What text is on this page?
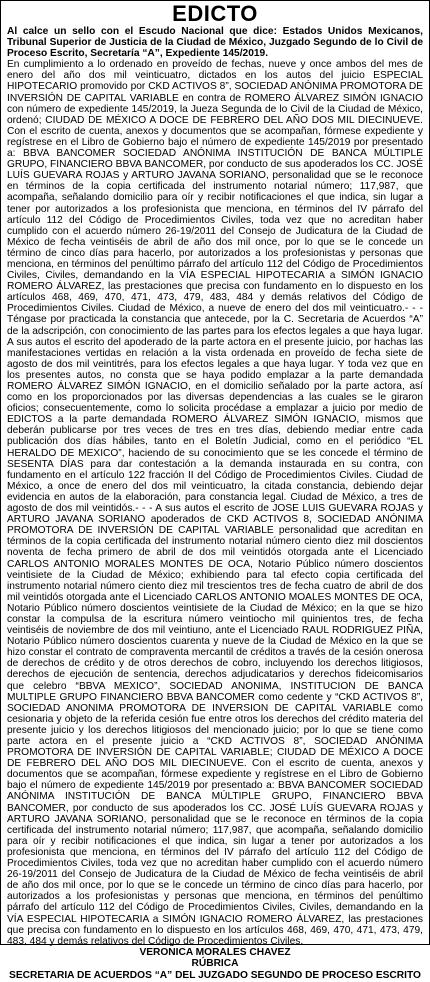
EDICTO

Al calce un sello con el Escudo Nacional que dice: Estados Unidos Mexicanos, Tribunal Superior de Justicia de la Ciudad de México, Juzgado Segundo de lo Civil de Proceso Escrito, Secretaría “A”, Expediente 145/2019.

En cumplimiento a lo ordenado en proveído de fechas, nueve y once ambos del mes de enero del año dos mil veinticuatro, dictados en los autos del juicio ESPECIAL HIPOTECARIO promovido por CKD ACTIVOS 8”, SOCIEDAD ANÓNIMA PROMOTORA DE INVERSIÓN DE CAPITAL VARIABLE en contra de ROMERO ÁLVAREZ SIMÓN IGNACIO con número de expediente 145/2019, la Jueza Segunda de lo Civil de la Ciudad de México, ordenó; CIUDAD DE MÉXICO A DOCE DE FEBRERO DEL AÑO DOS MIL DIECINUEVE. Con el escrito de cuenta, anexos y documentos que se acompañan, fórmese expediente y regístrese en el Libro de Gobierno bajo el número de expediente 145/2019 por presentado a: BBVA BANCOMER SOCIEDAD ANÓNIMA INSTITUCIÓN DE BANCA MÚLTIPLE GRUPO, FINANCIERO BBVA BANCOMER, por conducto de sus apoderados los CC. JOSÉ LUÍS GUEVARA ROJAS y ARTURO JAVANA SORIANO, personalidad que se le reconoce en términos de la copia certificada del instrumento notarial número; 117,987, que acompaña, señalando domicilio para oír y recibir notificaciones el que indica, sin lugar a tener por autorizados a los profesionista que menciona, en términos del IV párrafo del artículo 112 del Código de Procedimientos Civiles, toda vez que no acreditan haber cumplido con el acuerdo número 26-19/2011 del Consejo de Judicatura de la Ciudad de México de fecha veintiséis de abril de año dos mil once, por lo que se le concede un término de cinco días para hacerlo, por autorizados a los profesionistas y personas que menciona, en términos del penúltimo párrafo del artículo 112 del Código de Procedimientos Civiles, Civiles, demandando en la VÍA ESPECIAL HIPOTECARIA a SIMÓN IGNACIO ROMERO ÁLVAREZ, las prestaciones que precisa con fundamento en lo dispuesto en los artículos 468, 469, 470, 471, 473, 479, 483, 484 y demás relativos del Código de Procedimientos Civiles. Ciudad de México, a nueve de enero del dos mil veinticuatro.- - - Téngase por practicada la constancia que antecede, por la C. Secretaria de Acuerdos “A” de la adscripción, con conocimiento de las partes para los efectos legales a que haya lugar. A sus autos el escrito del apoderado de la parte actora en el presente juicio, por hachas las manifestaciones vertidas en relación a la vista ordenada en proveído de fecha siete de agosto de dos mil veintitrés, para los efectos legales a que haya lugar. Y toda vez que en los presentes autos, no consta que se haya podido emplazar a la parte demandada ROMERO ÁLVAREZ SIMÓN IGNACIO, en el domicilio señalado por la parte actora, así como en los proporcionados por las diversas dependencias a las cuales se le giraron oficios; consecuentemente, como lo solicita procédase a emplazar a juicio por medio de EDICTOS a la parte demandada ROMERO ÁLVAREZ SIMÓN IGNACIO, mismos que deberán publicarse por tres veces de tres en tres días, debiendo mediar entre cada publicación dos días hábiles, tanto en el Boletín Judicial, como en el periódico “EL HERALDO DE MEXICO”, haciendo de su conocimiento que se les concede el término de SESENTA DÍAS para dar contestación a la demanda instaurada en su contra, con fundamento en el artículo 122 fracción II del Código de Procedimientos Civiles. Ciudad de México, a once de enero del dos mil veinticuatro, la citada constancia, debiendo dejar evidencia en autos de la elaboración, para constancia legal. Ciudad de México, a tres de agosto de dos mil veintidós.- - - A sus autos el escrito de JOSE LUIS GUEVARA ROJAS y ARTURO JAVANA SORIANO apoderados de CKD ACTIVOS 8, SOCIEDAD ANÓNIMA PROMOTORA DE INVERSIÓN DE CAPITAL VARIABLE personalidad que acreditan en términos de la copia certificada del instrumento notarial número ciento diez mil doscientos noventa de fecha primero de abril de dos mil veintidós otorgada ante el Licenciado CARLOS ANTONIO MORALES MONTES DE OCA, Notario Público número doscientos veintisiete de la Ciudad de México; exhibiendo para tal efecto copia certificada del instrumento notarial número ciento diez mil trescientos tres de fecha cuatro de abril de dos mil veintidós otorgada ante el Licenciado CARLOS ANTONIO MOALES MONTES DE OCA, Notario Público número doscientos veintisiete de la Ciudad de México; en la que se hizo constar la compulsa de la escritura número veintiocho mil quinientos tres, de fecha veintiséis de noviembre de dos mil veintiuno, ante el Licenciado RAUL RODRIGUEZ PIÑA, Notario Público número doscientos cuarenta y nueve de la Ciudad de México en la que se hizo constar el contrato de compraventa mercantil de créditos a través de la cesión onerosa de derechos de crédito y de otros derechos de cobro, incluyendo los derechos litigiosos, derechos de ejecución de sentencia, derechos adjudicatarios y derechos fideicomisarios que celebro “BBVA MEXICO”, SOCIEDAD ANONIMA, INSTITUCION DE BANCA MULTIPLE GRUPO FINANCIERO BBVA BANCOMER como cedente y “CKD ACTIVOS 8”, SOCIEDAD ANONIMA PROMOTORA DE INVERSION DE CAPITAL VARIABLE como cesionaria y objeto de la referida cesión fue entre otros los derechos del crédito materia del presente juicio y los derechos litigiosos del mencionado juicio; por lo que se tiene como parte actora en el presente juicio a “CKD ACTIVOS 8”, SOCIEDAD ANÓNIMA PROMOTORA DE INVERSIÓN DE CAPITAL VARIABLE; CIUDAD DE MÉXICO A DOCE DE FEBRERO DEL AÑO DOS MIL DIECINUEVE. Con el escrito de cuenta, anexos y documentos que se acompañan, fórmese expediente y regístrese en el Libro de Gobierno bajo el número de expediente 145/2019 por presentado a: BBVA BANCOMER SOCIEDAD ANÓNIMA INSTITUCIÓN DE BANCA MÚLTIPLE GRUPO, FINANCIERO BBVA BANCOMER, por conducto de sus apoderados los CC. JOSÉ LUÍS GUEVARA ROJAS y ARTURO JAVANA SORIANO, personalidad que se le reconoce en términos de la copia certificada del instrumento notarial número; 117,987, que acompaña, señalando domicilio para oír y recibir notificaciones el que indica, sin lugar a tener por autorizados a los profesionista que menciona, en términos del IV párrafo del artículo 112 del Código de Procedimientos Civiles, toda vez que no acreditan haber cumplido con el acuerdo número 26-19/2011 del Consejo de Judicatura de la Ciudad de México de fecha veintiséis de abril de año dos mil once, por lo que se le concede un término de cinco días para hacerlo, por autorizados a los profesionistas y personas que menciona, en términos del penúltimo párrafo del artículo 112 del Código de Procedimientos Civiles, Civiles, demandando en la VÍA ESPECIAL HIPOTECARIA a SIMÓN IGNACIO ROMERO ÁLVAREZ, las prestaciones que precisa con fundamento en lo dispuesto en los artículos 468, 469, 470, 471, 473, 479, 483, 484 y demás relativos del Código de Procedimientos Civiles.

VERONICA MORALES CHAVEZ

RÚBRICA

SECRETARIA DE ACUERDOS “A” DEL JUZGADO SEGUNDO DE PROCESO ESCRITO
